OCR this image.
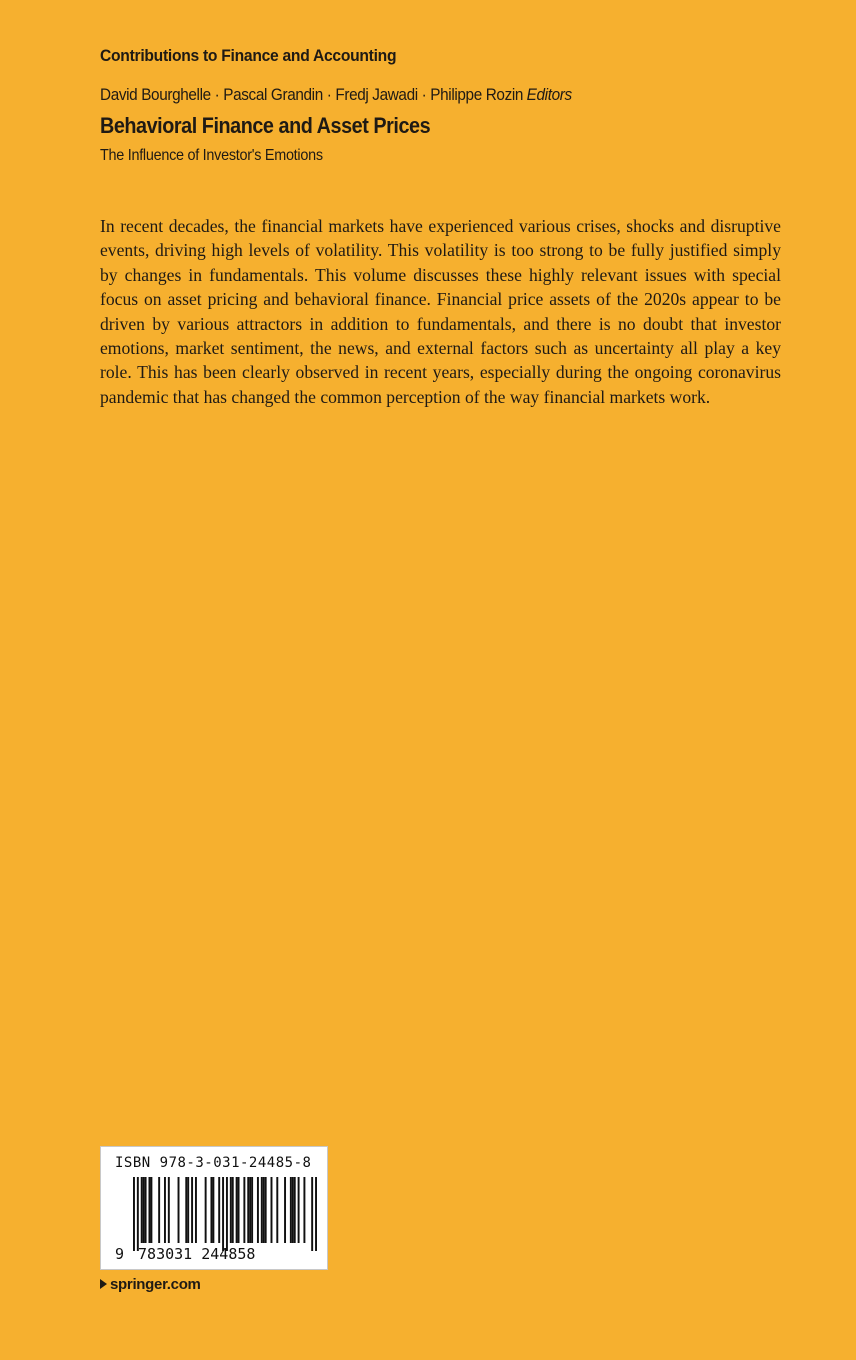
Contributions to Finance and Accounting
David Bourghelle · Pascal Grandin · Fredj Jawadi · Philippe Rozin Editors
Behavioral Finance and Asset Prices
The Influence of Investor's Emotions

In recent decades, the financial markets have experienced various crises, shocks and disruptive events, driving high levels of volatility. This volatility is too strong to be fully justified simply by changes in fundamentals. This volume discusses these highly relevant issues with special focus on asset pricing and behavioral finance. Financial price assets of the 2020s appear to be driven by various attractors in addition to fundamentals, and there is no doubt that investor emotions, market sentiment, the news, and external factors such as uncertainty all play a key role. This has been clearly observed in recent years, especially during the ongoing coronavirus pandemic that has changed the common perception of the way financial markets work.

ISBN 978-3-031-24485-8
9 783031 244858
springer.com
